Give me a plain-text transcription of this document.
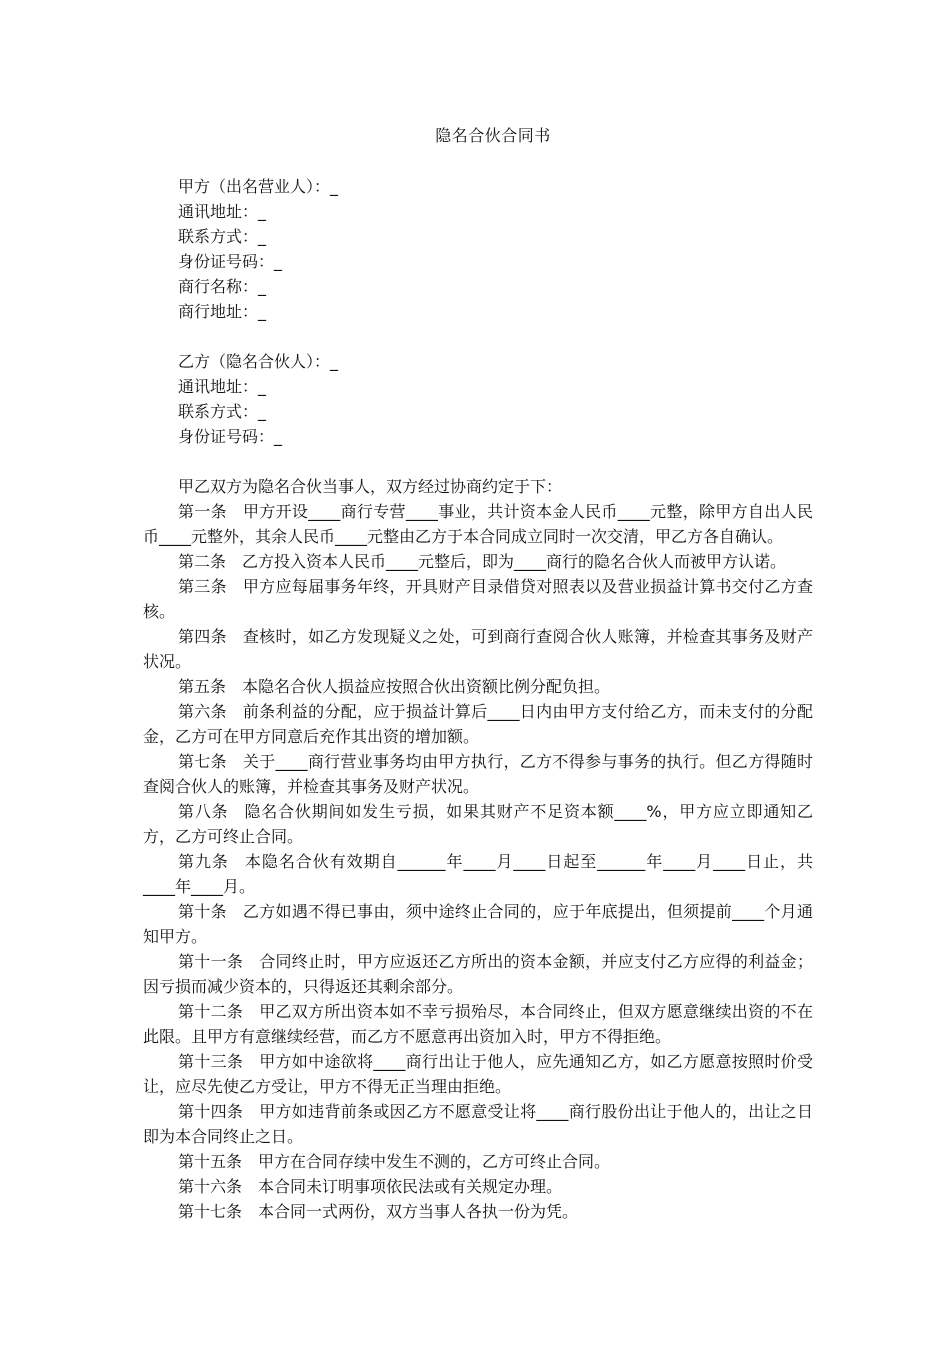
隐名合伙合同书
甲方（出名营业人）：_
通讯地址：_
联系方式：_
身份证号码：_
商行名称：_
商行地址：_
乙方（隐名合伙人）：_
通讯地址：_
联系方式：_
身份证号码：_

甲乙双方为隐名合伙当事人，双方经过协商约定于下：

第一条 甲方开设____商行专营____事业，共计资本金人民币____元整，除甲方自出人民币____元整外，其余人民币____元整由乙方于本合同成立同时一次交清，甲乙方各自确认。

第二条 乙方投入资本人民币____元整后，即为____商行的隐名合伙人而被甲方认诺。

第三条 甲方应每届事务年终，开具财产目录借贷对照表以及营业损益计算书交付乙方查核。

第四条 查核时，如乙方发现疑义之处，可到商行查阅合伙人账簿，并检查其事务及财产状况。

第五条 本隐名合伙人损益应按照合伙出资额比例分配负担。

第六条 前条利益的分配，应于损益计算后____日内由甲方支付给乙方，而未支付的分配金，乙方可在甲方同意后充作其出资的增加额。

第七条 关于____商行营业事务均由甲方执行，乙方不得参与事务的执行。但乙方得随时查阅合伙人的账簿，并检查其事务及财产状况。

第八条 隐名合伙期间如发生亏损，如果其财产不足资本额____%，甲方应立即通知乙方，乙方可终止合同。

第九条 本隐名合伙有效期自______年____月____日起至______年____月____日止，共____年____月。

第十条 乙方如遇不得已事由，须中途终止合同的，应于年底提出，但须提前____个月通知甲方。

第十一条 合同终止时，甲方应返还乙方所出的资本金额，并应支付乙方应得的利益金；因亏损而减少资本的，只得返还其剩余部分。

第十二条 甲乙双方所出资本如不幸亏损殆尽，本合同终止，但双方愿意继续出资的不在此限。且甲方有意继续经营，而乙方不愿意再出资加入时，甲方不得拒绝。

第十三条 甲方如中途欲将____商行出让于他人，应先通知乙方，如乙方愿意按照时价受让，应尽先使乙方受让，甲方不得无正当理由拒绝。

第十四条 甲方如违背前条或因乙方不愿意受让将____商行股份出让于他人的，出让之日即为本合同终止之日。

第十五条 甲方在合同存续中发生不测的，乙方可终止合同。

第十六条 本合同未订明事项依民法或有关规定办理。

第十七条 本合同一式两份，双方当事人各执一份为凭。
